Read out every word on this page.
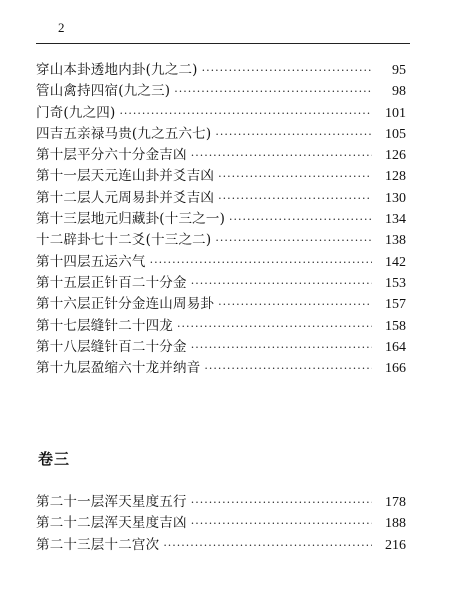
2
穿山本卦透地内卦(九之二) ·····	95
管山禽持四宿(九之三) ·····	98
门奇(九之四) ·····	101
四吉五亲禄马贵(九之五六七) ·····	105
第十层平分六十分金吉凶 ·····	126
第十一层天元连山卦并爻吉凶 ·····	128
第十二层人元周易卦并爻吉凶 ·····	130
第十三层地元归藏卦(十三之一) ·····	134
十二辟卦七十二爻(十三之二) ·····	138
第十四层五运六气 ·····	142
第十五层正针百二十分金 ·····	153
第十六层正针分金连山周易卦 ·····	157
第十七层缝针二十四龙 ·····	158
第十八层缝针百二十分金 ·····	164
第十九层盈缩六十龙并纳音 ·····	166
卷三
第二十一层浑天星度五行 ·····	178
第二十二层浑天星度吉凶 ·····	188
第二十三层十二宫次 ·····	216
